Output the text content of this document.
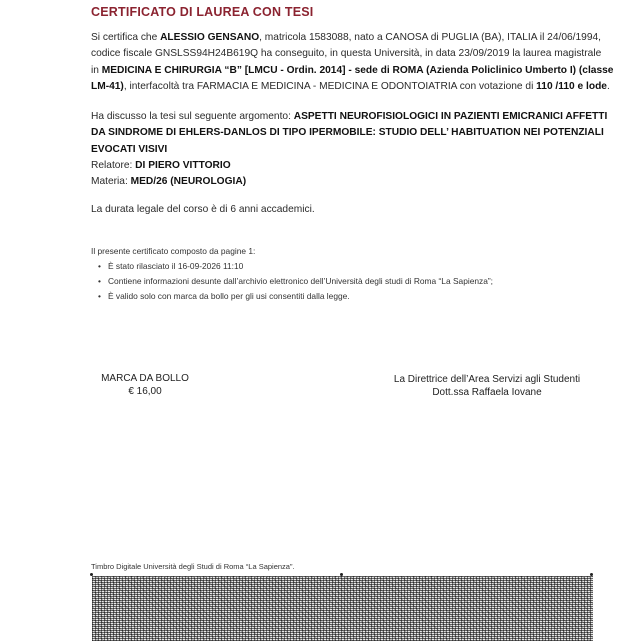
CERTIFICATO DI LAUREA CON TESI
Si certifica che ALESSIO GENSANO, matricola 1583088, nato a CANOSA di PUGLIA (BA), ITALIA il 24/06/1994,
codice fiscale GNSLSS94H24B619Q ha conseguito, in questa Università, in data 23/09/2019 la laurea magistrale
in MEDICINA E CHIRURGIA “B” [LMCU - Ordin. 2014] - sede di ROMA (Azienda Policlinico Umberto I) (classe
LM-41), interfacoltà tra FARMACIA E MEDICINA - MEDICINA E ODONTOIATRIA con votazione di 110 /110 e lode.
Ha discusso la tesi sul seguente argomento: ASPETTI NEUROFISIOLOGICI IN PAZIENTI EMICRANICI AFFETTI
DA SINDROME DI EHLERS-DANLOS DI TIPO IPERMOBILE: STUDIO DELL’ HABITUATION NEI POTENZIALI
EVOCATI VISIVI
Relatore: DI PIERO VITTORIO
Materia: MED/26 (NEUROLOGIA)
La durata legale del corso è di 6 anni accademici.
Il presente certificato composto da pagine 1:
• È stato rilasciato il 16-09-2026 11:10
• Contiene informazioni desunte dall’archivio elettronico dell’Università degli studi di Roma “La Sapienza”;
• È valido solo con marca da bollo per gli usi consentiti dalla legge.
MARCA DA BOLLO
€ 16,00
La Direttrice dell’Area Servizi agli Studenti
Dott.ssa Raffaela Iovane
Timbro Digitale Università degli Studi di Roma “La Sapienza”.
